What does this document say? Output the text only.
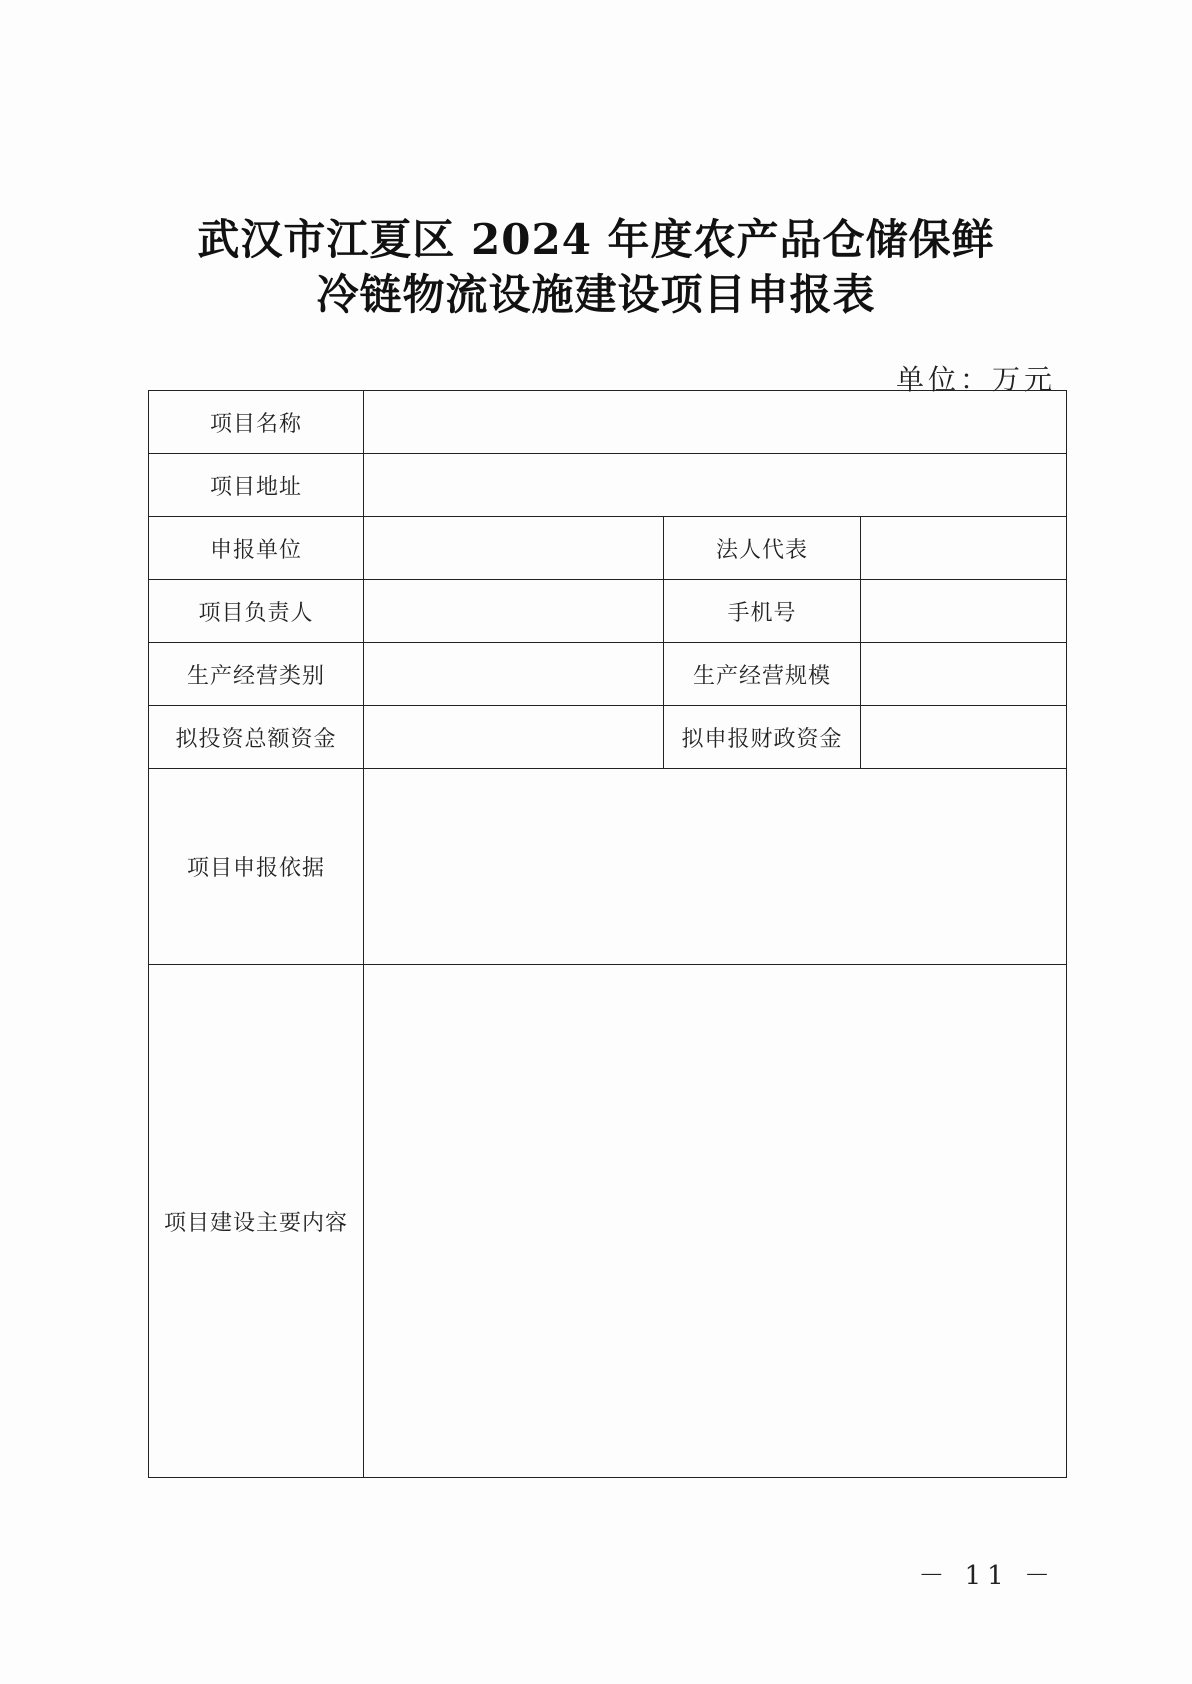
武汉市江夏区 2024 年度农产品仓储保鲜
冷链物流设施建设项目申报表
单位：万元
项目名称			
项目地址			
申报单位		法人代表	
项目负责人		手机号	
生产经营类别		生产经营规模	
拟投资总额资金		拟申报财政资金	
项目申报依据			
项目建设主要内容			
－ 11 －
